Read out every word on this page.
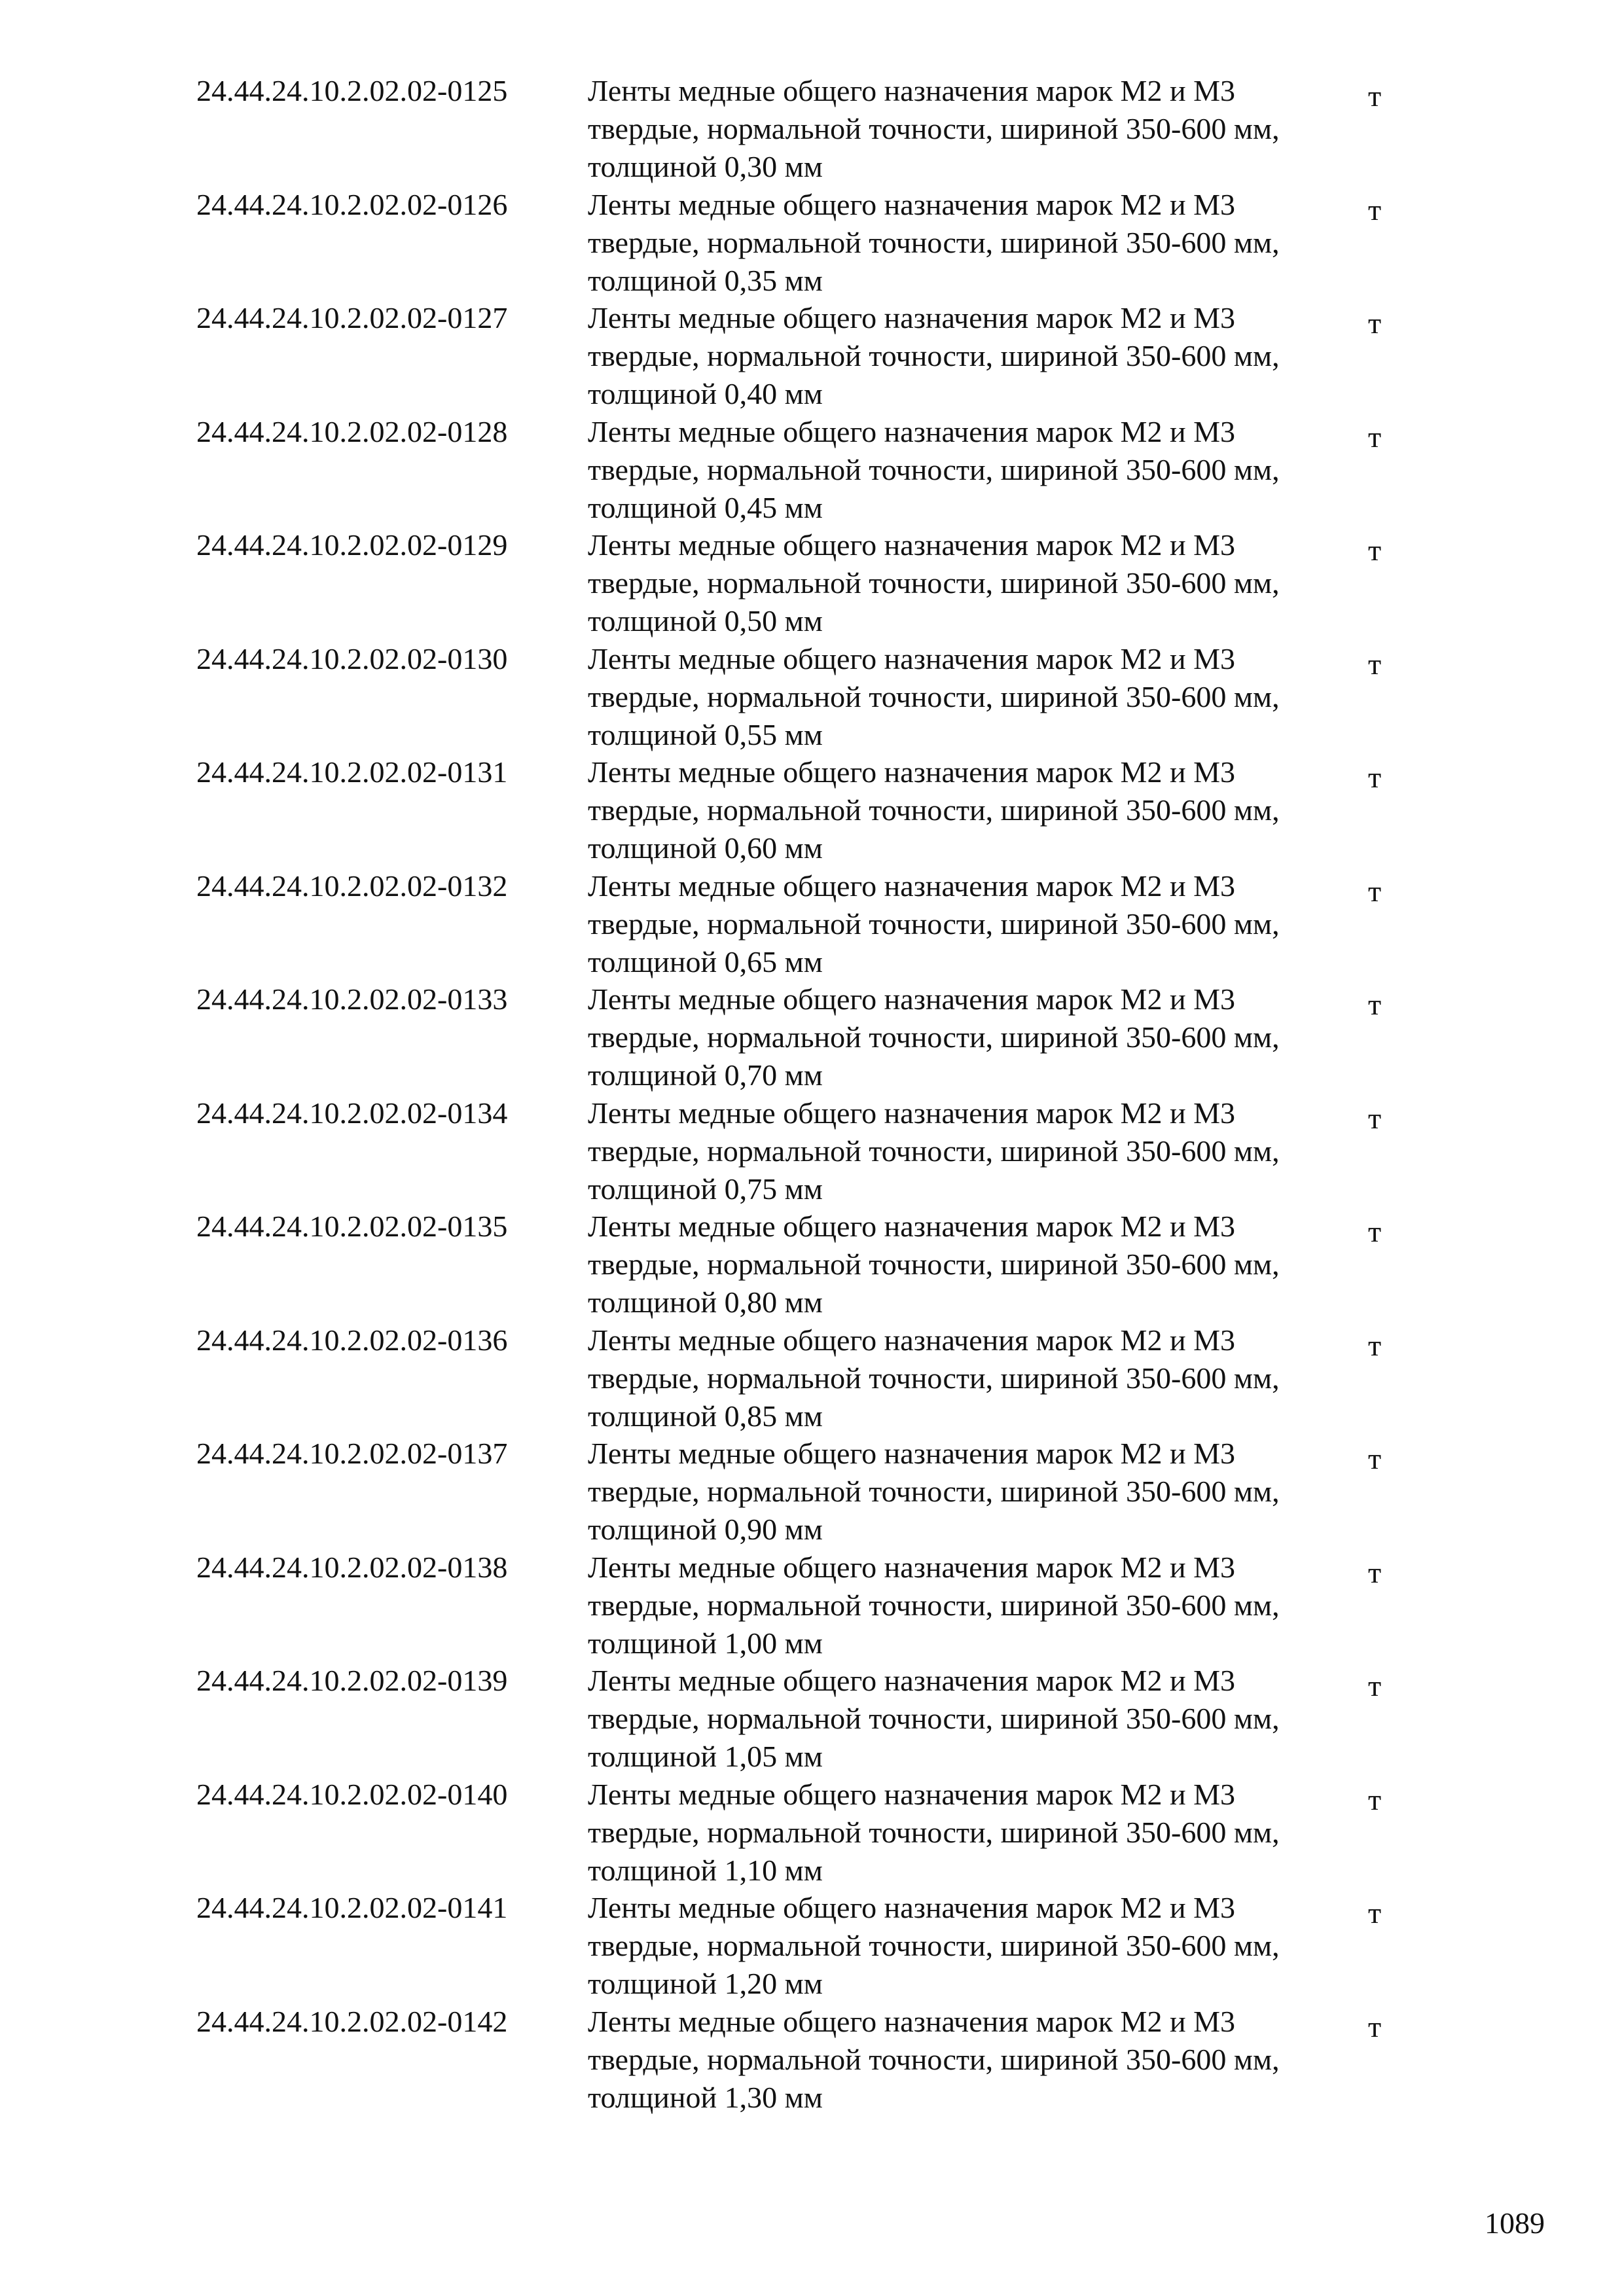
24.44.24.10.2.02.02-0125	Ленты медные общего назначения марок М2 и М3
твердые, нормальной точности, шириной 350-600 мм,
толщиной 0,30 мм
т
24.44.24.10.2.02.02-0126	Ленты медные общего назначения марок М2 и М3
твердые, нормальной точности, шириной 350-600 мм,
толщиной 0,35 мм
т
24.44.24.10.2.02.02-0127	Ленты медные общего назначения марок М2 и М3
твердые, нормальной точности, шириной 350-600 мм,
толщиной 0,40 мм
т
24.44.24.10.2.02.02-0128	Ленты медные общего назначения марок М2 и М3
твердые, нормальной точности, шириной 350-600 мм,
толщиной 0,45 мм
т
24.44.24.10.2.02.02-0129	Ленты медные общего назначения марок М2 и М3
твердые, нормальной точности, шириной 350-600 мм,
толщиной 0,50 мм
т
24.44.24.10.2.02.02-0130	Ленты медные общего назначения марок М2 и М3
твердые, нормальной точности, шириной 350-600 мм,
толщиной 0,55 мм
т
24.44.24.10.2.02.02-0131	Ленты медные общего назначения марок М2 и М3
твердые, нормальной точности, шириной 350-600 мм,
толщиной 0,60 мм
т
24.44.24.10.2.02.02-0132	Ленты медные общего назначения марок М2 и М3
твердые, нормальной точности, шириной 350-600 мм,
толщиной 0,65 мм
т
24.44.24.10.2.02.02-0133	Ленты медные общего назначения марок М2 и М3
твердые, нормальной точности, шириной 350-600 мм,
толщиной 0,70 мм
т
24.44.24.10.2.02.02-0134	Ленты медные общего назначения марок М2 и М3
твердые, нормальной точности, шириной 350-600 мм,
толщиной 0,75 мм
т
24.44.24.10.2.02.02-0135	Ленты медные общего назначения марок М2 и М3
твердые, нормальной точности, шириной 350-600 мм,
толщиной 0,80 мм
т
24.44.24.10.2.02.02-0136	Ленты медные общего назначения марок М2 и М3
твердые, нормальной точности, шириной 350-600 мм,
толщиной 0,85 мм
т
24.44.24.10.2.02.02-0137	Ленты медные общего назначения марок М2 и М3
твердые, нормальной точности, шириной 350-600 мм,
толщиной 0,90 мм
т
24.44.24.10.2.02.02-0138	Ленты медные общего назначения марок М2 и М3
твердые, нормальной точности, шириной 350-600 мм,
толщиной 1,00 мм
т
24.44.24.10.2.02.02-0139	Ленты медные общего назначения марок М2 и М3
твердые, нормальной точности, шириной 350-600 мм,
толщиной 1,05 мм
т
24.44.24.10.2.02.02-0140	Ленты медные общего назначения марок М2 и М3
твердые, нормальной точности, шириной 350-600 мм,
толщиной 1,10 мм
т
24.44.24.10.2.02.02-0141	Ленты медные общего назначения марок М2 и М3
твердые, нормальной точности, шириной 350-600 мм,
толщиной 1,20 мм
т
24.44.24.10.2.02.02-0142	Ленты медные общего назначения марок М2 и М3
твердые, нормальной точности, шириной 350-600 мм,
толщиной 1,30 мм
т
1089
